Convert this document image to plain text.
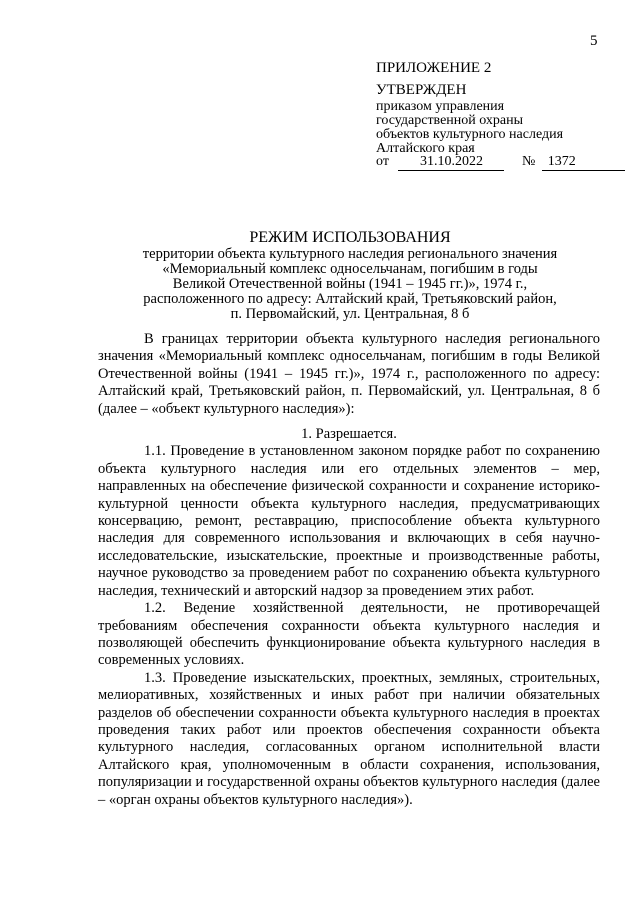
5
ПРИЛОЖЕНИЕ 2
УТВЕРЖДЕН
приказом управления
государственной охраны
объектов культурного наследия
Алтайского края
от 31.10.2022	№ 1372
РЕЖИМ ИСПОЛЬЗОВАНИЯ
территории объекта культурного наследия регионального значения
«Мемориальный комплекс односельчанам, погибшим в годы
Великой Отечественной войны (1941 – 1945 гг.)», 1974 г.,
расположенного по адресу: Алтайский край, Третьяковский район,
п. Первомайский, ул. Центральная, 8 б

В границах территории объекта культурного наследия регионального значения «Мемориальный комплекс односельчанам, погибшим в годы Великой Отечественной войны (1941 – 1945 гг.)», 1974 г., расположенного по адресу: Алтайский край, Третьяковский район, п. Первомайский, ул. Центральная, 8 б (далее – «объект культурного наследия»):

1. Разрешается.

1.1. Проведение в установленном законом порядке работ по сохранению объекта культурного наследия или его отдельных элементов – мер, направленных на обеспечение физической сохранности и сохранение историко-культурной ценности объекта культурного наследия, предусматривающих консервацию, ремонт, реставрацию, приспособление объекта культурного наследия для современного использования и включающих в себя научно-исследовательские, изыскательские, проектные и производственные работы, научное руководство за проведением работ по сохранению объекта культурного наследия, технический и авторский надзор за проведением этих работ.

1.2. Ведение хозяйственной деятельности, не противоречащей требованиям обеспечения сохранности объекта культурного наследия и позволяющей обеспечить функционирование объекта культурного наследия в современных условиях.

1.3. Проведение изыскательских, проектных, земляных, строительных, мелиоративных, хозяйственных и иных работ при наличии обязательных разделов об обеспечении сохранности объекта культурного наследия в проектах проведения таких работ или проектов обеспечения сохранности объекта культурного наследия, согласованных органом исполнительной власти Алтайского края, уполномоченным в области сохранения, использования, популяризации и государственной охраны объектов культурного наследия (далее – «орган охраны объектов культурного наследия»).
